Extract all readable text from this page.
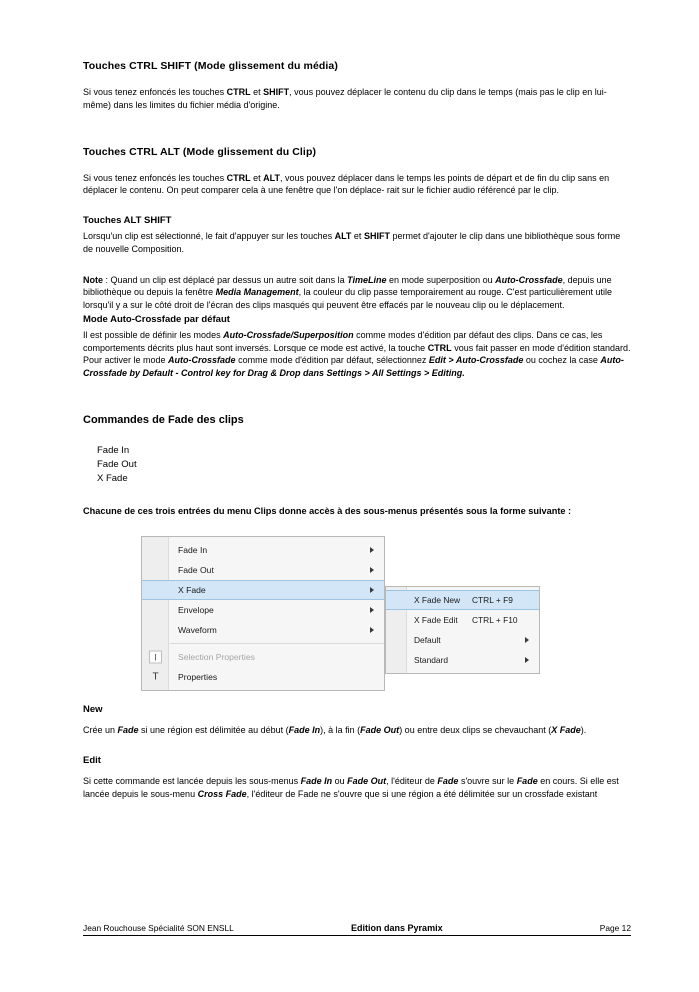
Touches CTRL SHIFT (Mode glissement du média)

Si vous tenez enfoncés les touches CTRL et SHIFT, vous pouvez déplacer le contenu du clip dans le temps (mais pas le clip en lui-même) dans les limites du fichier média d'origine.

Touches CTRL ALT (Mode glissement du Clip)

Si vous tenez enfoncés les touches CTRL et ALT, vous pouvez déplacer dans le temps les points de départ et de fin du clip sans en déplacer le contenu. On peut comparer cela à une fenêtre que l'on déplace- rait sur le fichier audio référencé par le clip.

Touches ALT SHIFT

Lorsqu'un clip est sélectionné, le fait d'appuyer sur les touches ALT et SHIFT permet d'ajouter le clip dans une bibliothèque sous forme de nouvelle Composition.

Note : Quand un clip est déplacé par dessus un autre soit dans la TimeLine en mode superposition ou Auto-Crossfade, depuis une bibliothèque ou depuis la fenêtre Media Management, la couleur du clip passe temporairement au rouge. C'est particulièrement utile lorsqu'il y a sur le côté droit de l'écran des clips masqués qui peuvent être effacés par le nouveau clip ou le déplacement.

Mode Auto-Crossfade par défaut

Il est possible de définir les modes Auto-Crossfade/Superposition comme modes d'édition par défaut des clips. Dans ce cas, les comportements décrits plus haut sont inversés. Lorsque ce mode est activé, la touche CTRL vous fait passer en mode d'édition standard.

Pour activer le mode Auto-Crossfade comme mode d'édition par défaut, sélectionnez Edit > Auto-Crossfade ou cochez la case Auto-Crossfade by Default - Control key for Drag & Drop dans Settings > All Settings > Editing.

Commandes de Fade des clips

Fade In
Fade Out
X Fade

Chacune de ces trois entrées du menu Clips donne accès à des sous-menus présentés sous la forme suivante :

Fade In
Fade Out
X Fade
Envelope
Waveform
I	Selection Properties
T	Properties
X Fade New CTRL + F9
X Fade Edit CTRL + F10
Default
Standard
New

Crée un Fade si une région est délimitée au début (Fade In), à la fin (Fade Out) ou entre deux clips se chevauchant (X Fade).

Edit

Si cette commande est lancée depuis les sous-menus Fade In ou Fade Out, l'éditeur de Fade s'ouvre sur le Fade en cours. Si elle est lancée depuis le sous-menu Cross Fade, l'éditeur de Fade ne s'ouvre que si une région a été délimitée sur un crossfade existant

Jean Rouchouse Spécialité SON ENSLL	Edition dans Pyramix	Page 12
